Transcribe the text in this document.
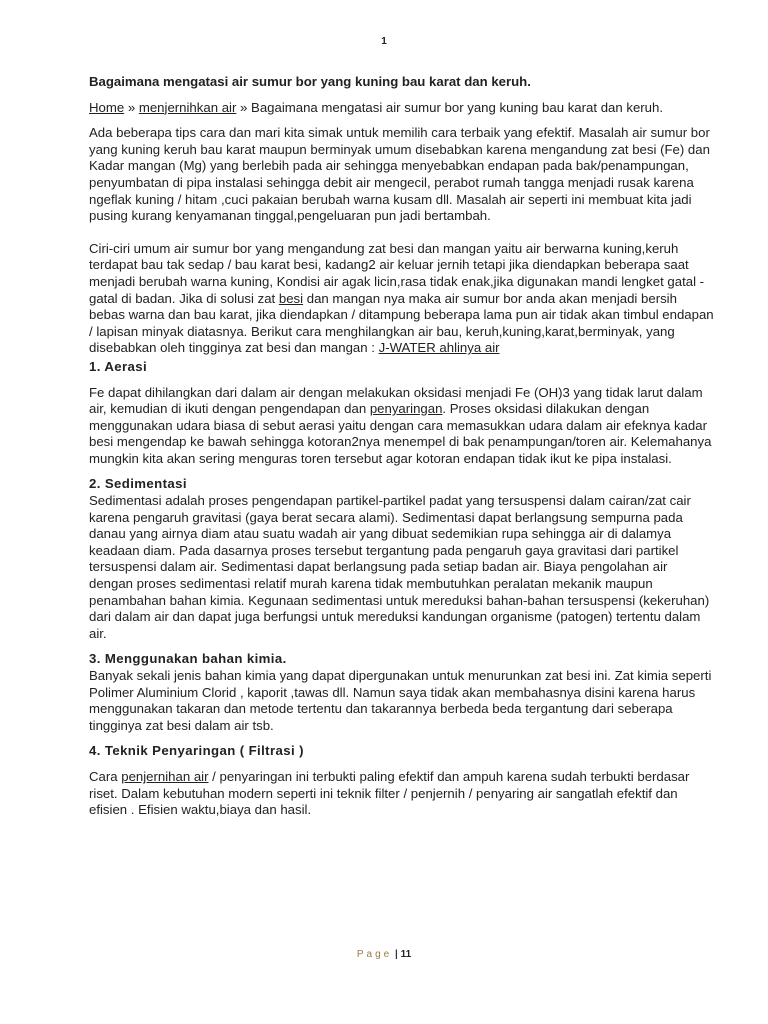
1

Bagaimana mengatasi air sumur bor yang kuning bau karat dan keruh.

Home » menjernihkan air » Bagaimana mengatasi air sumur bor yang kuning bau karat dan keruh.

Ada beberapa tips cara dan mari kita simak untuk memilih cara terbaik yang efektif. Masalah air sumur bor yang kuning keruh bau karat maupun berminyak umum disebabkan karena mengandung zat besi (Fe) dan Kadar mangan (Mg) yang berlebih pada air sehingga menyebabkan endapan pada bak/penampungan, penyumbatan di pipa instalasi sehingga debit air mengecil, perabot rumah tangga menjadi rusak karena ngeflak kuning / hitam ,cuci pakaian berubah warna kusam dll. Masalah air seperti ini membuat kita jadi pusing kurang kenyamanan tinggal,pengeluaran pun jadi bertambah.

Ciri-ciri umum air sumur bor yang mengandung zat besi dan mangan yaitu air berwarna kuning,keruh terdapat bau tak sedap / bau karat besi, kadang2 air keluar jernih tetapi jika diendapkan beberapa saat menjadi berubah warna kuning, Kondisi air agak licin,rasa tidak enak,jika digunakan mandi lengket gatal - gatal di badan. Jika di solusi zat besi dan mangan nya maka air sumur bor anda akan menjadi bersih bebas warna dan bau karat, jika diendapkan / ditampung beberapa lama pun air tidak akan timbul endapan / lapisan minyak diatasnya. Berikut cara menghilangkan air bau, keruh,kuning,karat,berminyak, yang disebabkan oleh tingginya zat besi dan mangan : J-WATER ahlinya air

1. Aerasi

Fe dapat dihilangkan dari dalam air dengan melakukan oksidasi menjadi Fe (OH)3 yang tidak larut dalam air, kemudian di ikuti dengan pengendapan dan penyaringan. Proses oksidasi dilakukan dengan menggunakan udara biasa di sebut aerasi yaitu dengan cara memasukkan udara dalam air efeknya kadar besi mengendap ke bawah sehingga kotoran2nya menempel di bak penampungan/toren air. Kelemahanya mungkin kita akan sering menguras toren tersebut agar kotoran endapan tidak ikut ke pipa instalasi.

2. Sedimentasi

Sedimentasi adalah proses pengendapan partikel-partikel padat yang tersuspensi dalam cairan/zat cair karena pengaruh gravitasi (gaya berat secara alami). Sedimentasi dapat berlangsung sempurna pada danau yang airnya diam atau suatu wadah air yang dibuat sedemikian rupa sehingga air di dalamya keadaan diam. Pada dasarnya proses tersebut tergantung pada pengaruh gaya gravitasi dari partikel tersuspensi dalam air. Sedimentasi dapat berlangsung pada setiap badan air. Biaya pengolahan air dengan proses sedimentasi relatif murah karena tidak membutuhkan peralatan mekanik maupun penambahan bahan kimia. Kegunaan sedimentasi untuk mereduksi bahan-bahan tersuspensi (kekeruhan) dari dalam air dan dapat juga berfungsi untuk mereduksi kandungan organisme (patogen) tertentu dalam air.

3. Menggunakan bahan kimia.

Banyak sekali jenis bahan kimia yang dapat dipergunakan untuk menurunkan zat besi ini. Zat kimia seperti Polimer Aluminium Clorid , kaporit ,tawas dll. Namun saya tidak akan membahasnya disini karena harus menggunakan takaran dan metode tertentu dan takarannya berbeda beda tergantung dari seberapa tingginya zat besi dalam air tsb.

4. Teknik Penyaringan ( Filtrasi )

Cara penjernihan air / penyaringan ini terbukti paling efektif dan ampuh karena sudah terbukti berdasar riset. Dalam kebutuhan modern seperti ini teknik filter / penjernih / penyaring air sangatlah efektif dan efisien . Efisien waktu,biaya dan hasil.

Page | 11
